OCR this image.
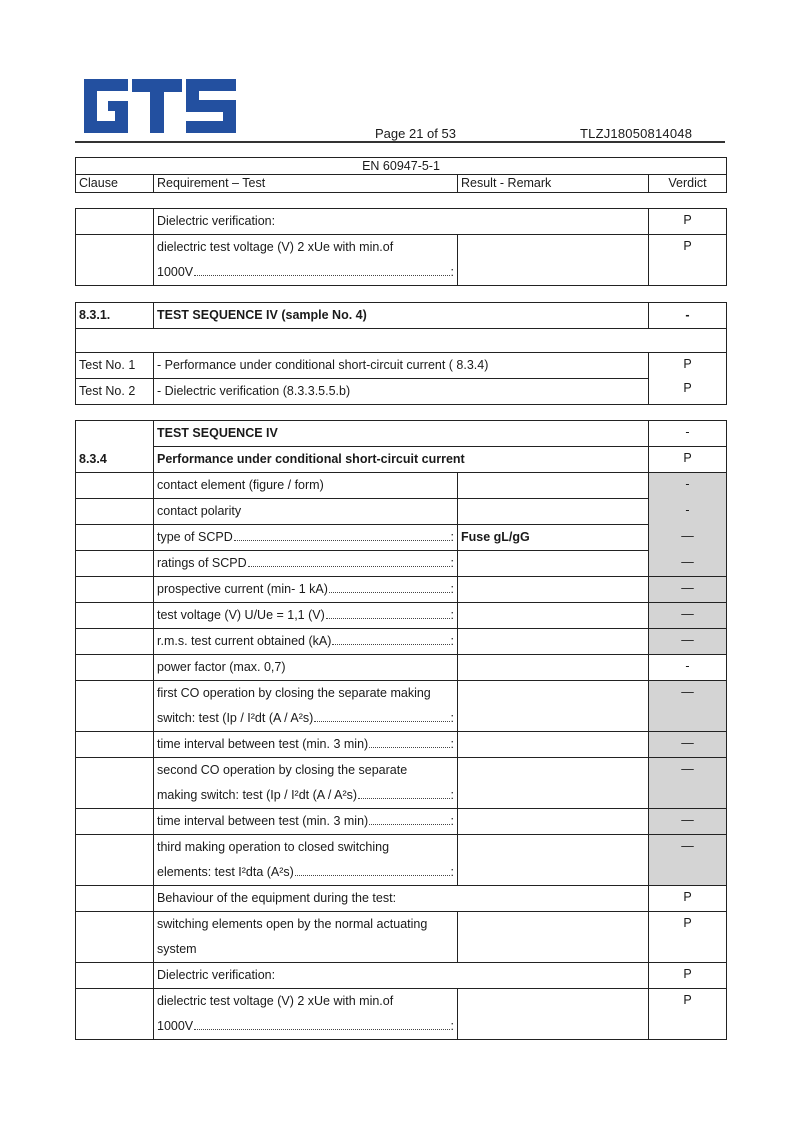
Page 21 of 53	TLZJ18050814048
EN 60947-5-1
Clause	Requirement – Test	Result - Remark	Verdict
	Dielectric verification:		P

	dielectric test voltage (V) 2 xUe with min.of
1000V :		P
8.3.1.	TEST SEQUENCE IV (sample No. 4)	-

Test No. 1	- Performance under conditional short-circuit current ( 8.3.4)	P
Test No. 2	- Dielectric verification (8.3.3.5.5.b)	P
	TEST SEQUENCE IV		-
8.3.4	Performance under conditional short-circuit current		P
	contact element (figure / form)		-
	contact polarity		-

	type of SCPD :	Fuse gL/gG	—

	ratings of SCPD :		—

	prospective current (min- 1 kA) :		—

	test voltage (V) U/Ue = 1,1 (V) :		—

	r.m.s. test current obtained (kA) :		—
	power factor (max. 0,7)		-

	first CO operation by closing the separate making
switch: test (Ip / I²dt (A / A²s) :		—

	time interval between test (min. 3 min) :		—

	second CO operation by closing the separate
making switch: test (Ip / I²dt (A / A²s) :		—

	time interval between test (min. 3 min) :		—

	third making operation to closed switching
elements: test I²dta (A²s) :		—
	Behaviour of the equipment during the test:		P

	switching elements open by the normal actuating
system		P
	Dielectric verification:		P

	dielectric test voltage (V) 2 xUe with min.of
1000V :		P
